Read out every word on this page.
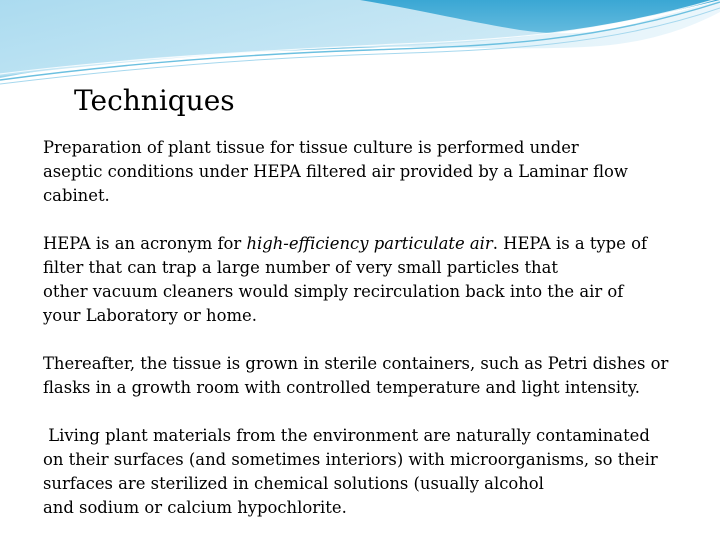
Techniques

Preparation of plant tissue for tissue culture is performed under
aseptic conditions under HEPA filtered air provided by a Laminar flow
cabinet.

HEPA is an acronym for high-efficiency particulate air. HEPA is a type of
filter that can trap a large number of very small particles that
other vacuum cleaners would simply recirculation back into the air of
your Laboratory or home.

Thereafter, the tissue is grown in sterile containers, such as Petri dishes or
flasks in a growth room with controlled temperature and light intensity.

Living plant materials from the environment are naturally contaminated
on their surfaces (and sometimes interiors) with microorganisms, so their
surfaces are sterilized in chemical solutions (usually alcohol
and sodium or calcium hypochlorite.
